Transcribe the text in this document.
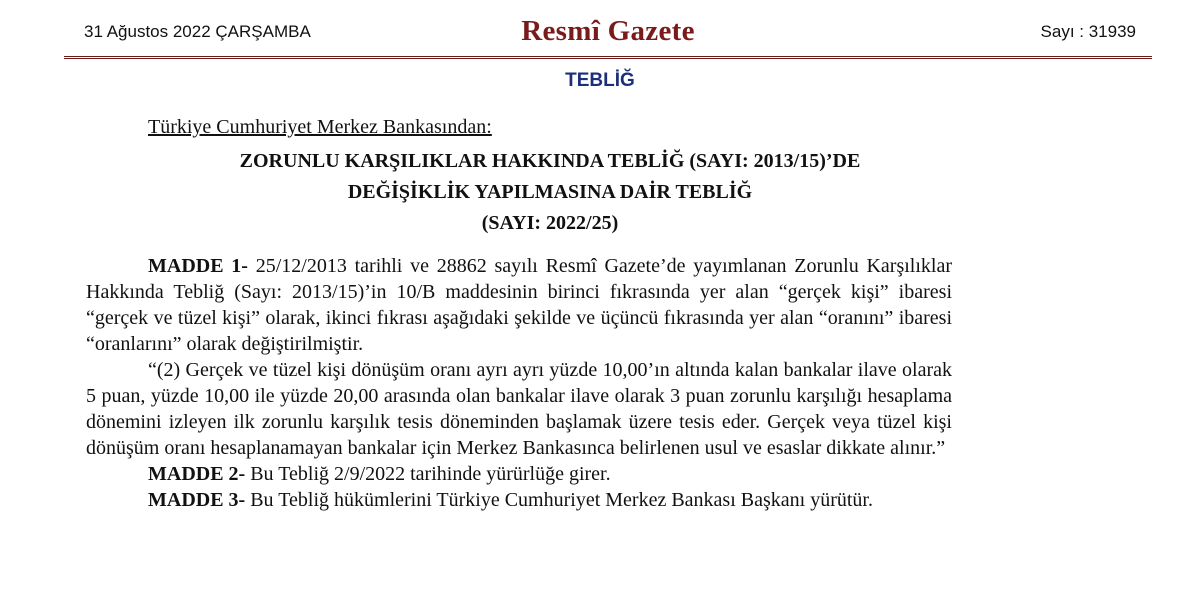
31 Ağustos 2022 ÇARŞAMBA	Resmî Gazete	Sayı : 31939
TEBLİĞ

Türkiye Cumhuriyet Merkez Bankasından:

ZORUNLU KARŞILIKLAR HAKKINDA TEBLİĞ (SAYI: 2013/15)’DE
DEĞİŞİKLİK YAPILMASINA DAİR TEBLİĞ
(SAYI: 2022/25)

MADDE 1- 25/12/2013 tarihli ve 28862 sayılı Resmî Gazete’de yayımlanan Zorunlu Karşılıklar Hakkında Tebliğ (Sayı: 2013/15)’in 10/B maddesinin birinci fıkrasında yer alan “gerçek kişi” ibaresi “gerçek ve tüzel kişi” olarak, ikinci fıkrası aşağıdaki şekilde ve üçüncü fıkrasında yer alan “oranını” ibaresi “oranlarını” olarak değiştirilmiştir.

“(2) Gerçek ve tüzel kişi dönüşüm oranı ayrı ayrı yüzde 10,00’ın altında kalan bankalar ilave olarak 5 puan, yüzde 10,00 ile yüzde 20,00 arasında olan bankalar ilave olarak 3 puan zorunlu karşılığı hesaplama dönemini izleyen ilk zorunlu karşılık tesis döneminden başlamak üzere tesis eder. Gerçek veya tüzel kişi dönüşüm oranı hesaplanamayan bankalar için Merkez Bankasınca belirlenen usul ve esaslar dikkate alınır.”

MADDE 2- Bu Tebliğ 2/9/2022 tarihinde yürürlüğe girer.

MADDE 3- Bu Tebliğ hükümlerini Türkiye Cumhuriyet Merkez Bankası Başkanı yürütür.
